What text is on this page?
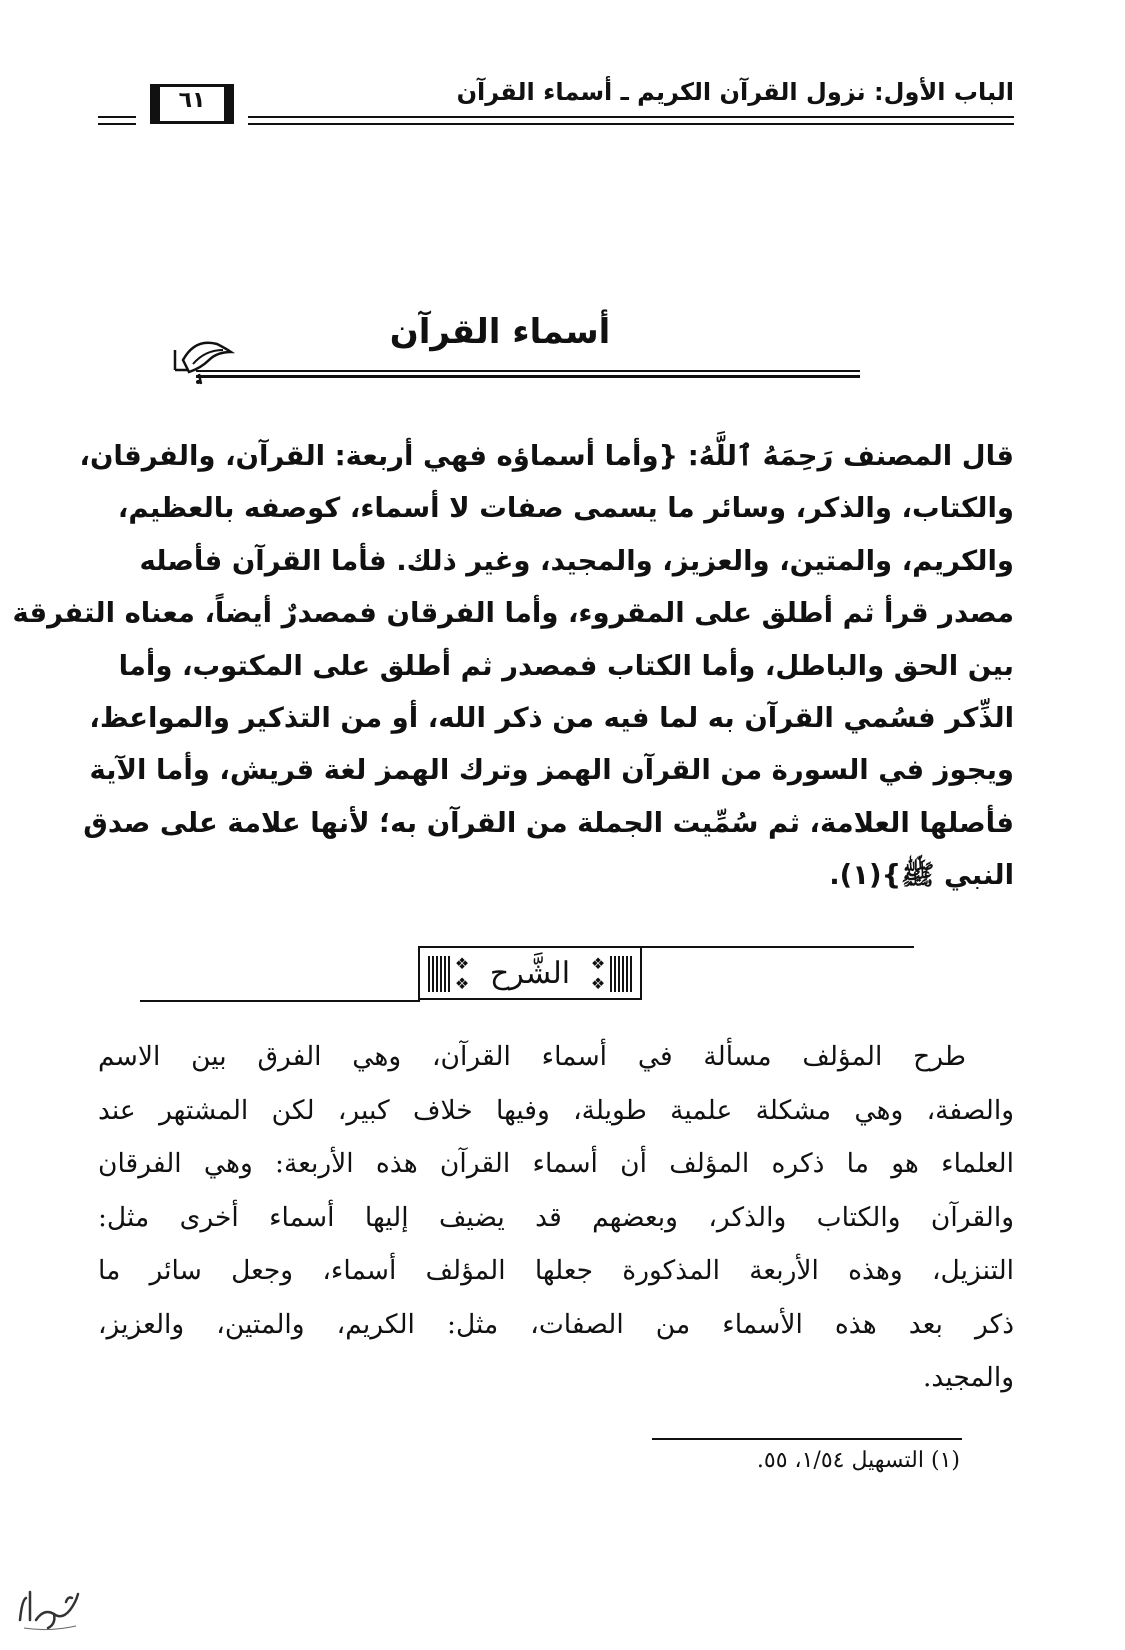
الباب الأول: نزول القرآن الكريم ـ أسماء القرآن
٦١
أسماء القرآن
قال المصنف رَحِمَهُ ٱللَّهُ: {وأما أسماؤه فهي أربعة: القرآن، والفرقان،
والكتاب، والذكر، وسائر ما يسمى صفات لا أسماء، كوصفه بالعظيم،
والكريم، والمتين، والعزيز، والمجيد، وغير ذلك. فأما القرآن فأصله
مصدر قرأ ثم أطلق على المقروء، وأما الفرقان فمصدرٌ أيضاً، معناه التفرقة
بين الحق والباطل، وأما الكتاب فمصدر ثم أطلق على المكتوب، وأما
الذِّكر فسُمي القرآن به لما فيه من ذكر الله، أو من التذكير والمواعظ،
ويجوز في السورة من القرآن الهمز وترك الهمز لغة قريش، وأما الآية
فأصلها العلامة، ثم سُمِّيت الجملة من القرآن به؛ لأنها علامة على صدق
النبي ﷺ}(١).
❖
❖ الشَّرح	❖
❖
طرح المؤلف مسألة في أسماء القرآن، وهي الفرق بين الاسم
والصفة، وهي مشكلة علمية طويلة، وفيها خلاف كبير، لكن المشتهر عند
العلماء هو ما ذكره المؤلف أن أسماء القرآن هذه الأربعة: وهي الفرقان
والقرآن والكتاب والذكر، وبعضهم قد يضيف إليها أسماء أخرى مثل:
التنزيل، وهذه الأربعة المذكورة جعلها المؤلف أسماء، وجعل سائر ما
ذكر بعد هذه الأسماء من الصفات، مثل: الكريم، والمتين، والعزيز،
والمجيد.
(١) التسهيل ١/٥٤، ٥٥.
